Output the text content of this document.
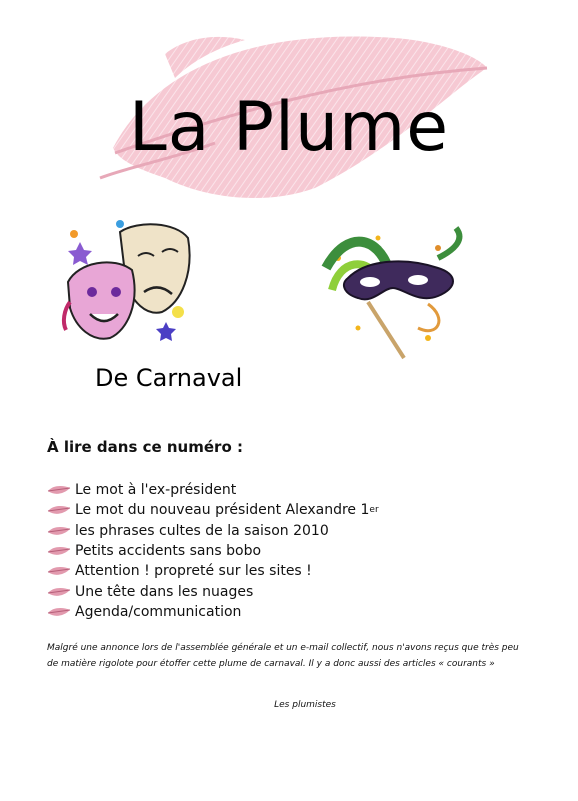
La Plume
De Carnaval
À lire dans ce numéro :
Le mot à l'ex-président
Le mot du nouveau président Alexandre 1 er
les phrases cultes de la saison 2010
Petits accidents sans bobo
Attention ! propreté sur les sites !
Une tête dans les nuages
Agenda/communication

Malgré une annonce lors de l'assemblée générale et un e-mail collectif, nous n'avons reçus que très peu de matière rigolote pour étoffer cette plume de carnaval. Il y a donc aussi des articles « courants »

Les plumistes
